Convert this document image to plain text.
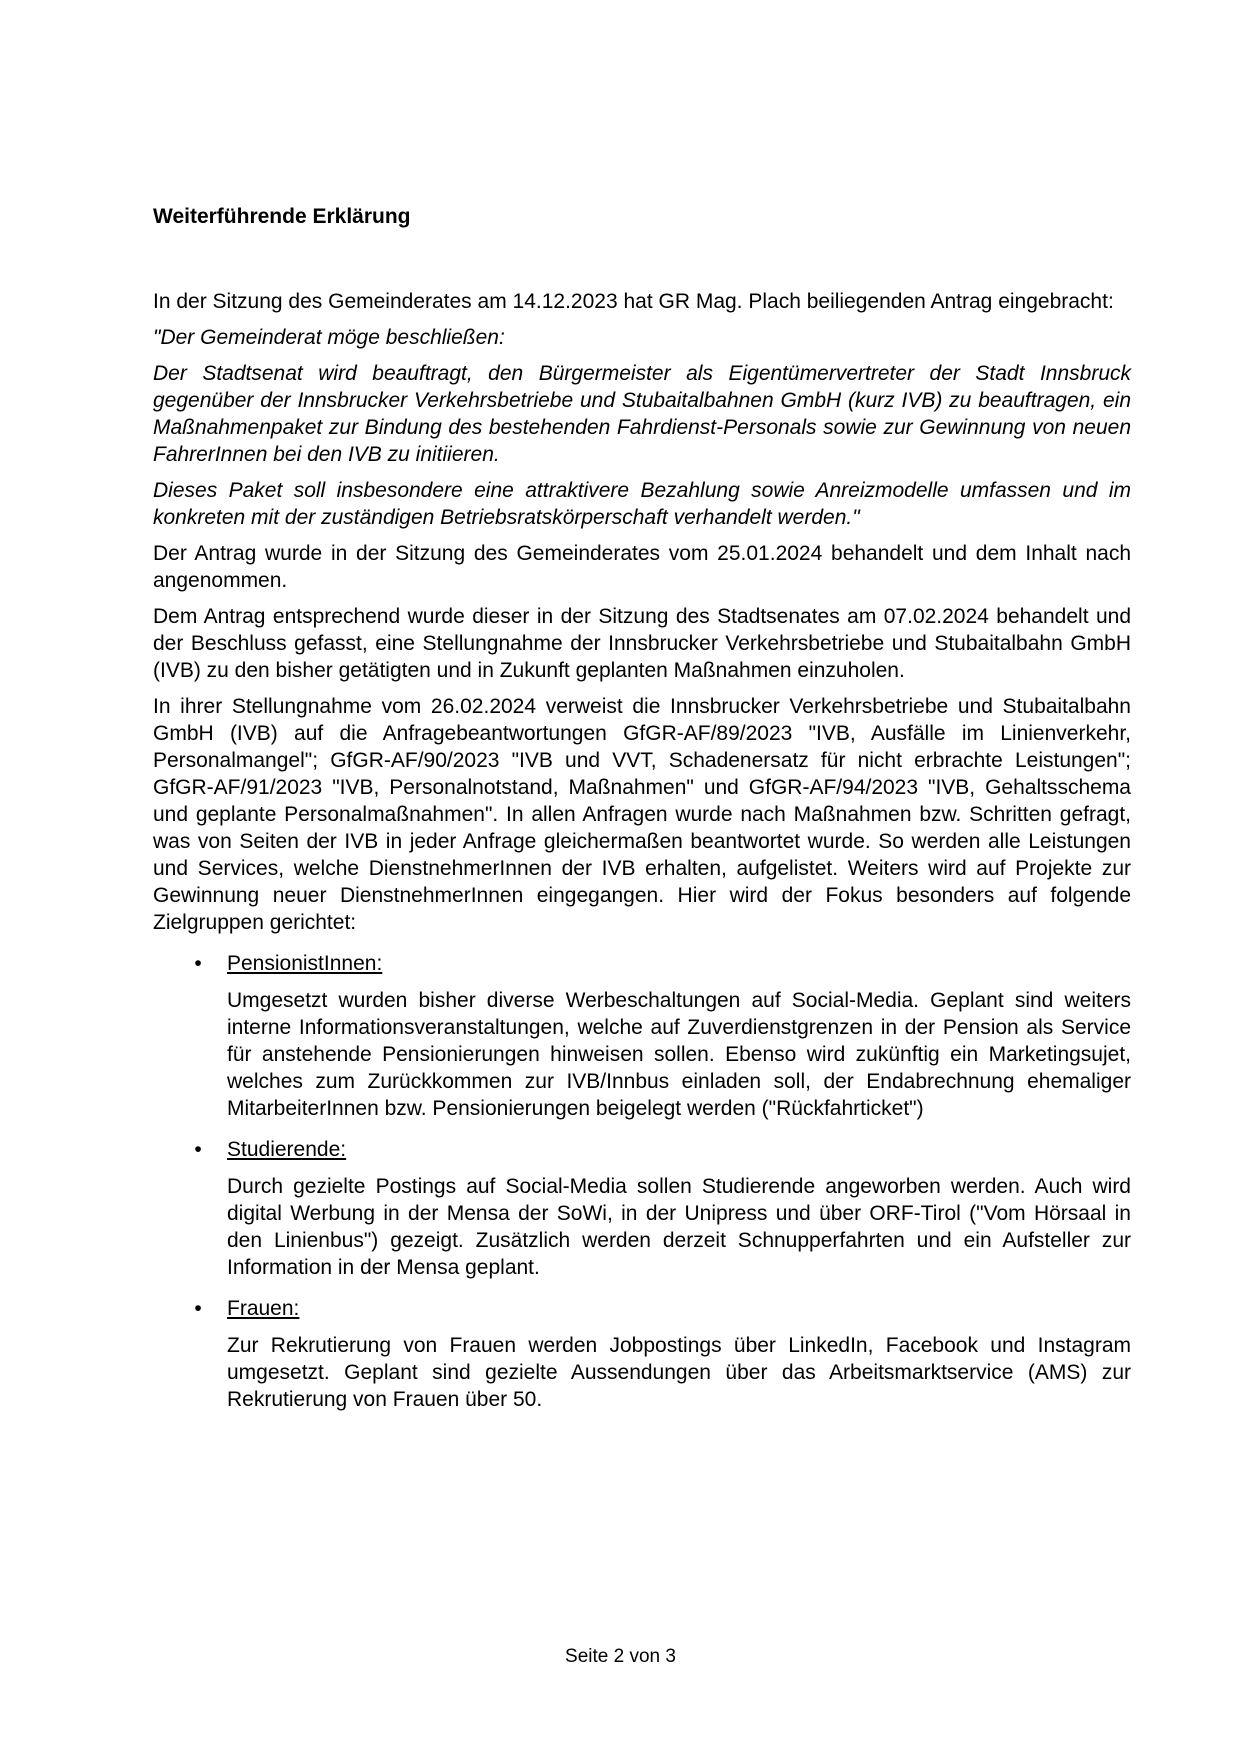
Weiterführende Erklärung

In der Sitzung des Gemeinderates am 14.12.2023 hat GR Mag. Plach beiliegenden Antrag eingebracht:

"Der Gemeinderat möge beschließen:

Der Stadtsenat wird beauftragt, den Bürgermeister als Eigentümervertreter der Stadt Innsbruck gegenüber der Innsbrucker Verkehrsbetriebe und Stubaitalbahnen GmbH (kurz IVB) zu beauftragen, ein Maßnahmenpaket zur Bindung des bestehenden Fahrdienst-Personals sowie zur Gewinnung von neuen FahrerInnen bei den IVB zu initiieren.

Dieses Paket soll insbesondere eine attraktivere Bezahlung sowie Anreizmodelle umfassen und im konkreten mit der zuständigen Betriebsratskörperschaft verhandelt werden."

Der Antrag wurde in der Sitzung des Gemeinderates vom 25.01.2024 behandelt und dem Inhalt nach angenommen.

Dem Antrag entsprechend wurde dieser in der Sitzung des Stadtsenates am 07.02.2024 behandelt und der Beschluss gefasst, eine Stellungnahme der Innsbrucker Verkehrsbetriebe und Stubaitalbahn GmbH (IVB) zu den bisher getätigten und in Zukunft geplanten Maßnahmen einzuholen.

In ihrer Stellungnahme vom 26.02.2024 verweist die Innsbrucker Verkehrsbetriebe und Stubaitalbahn GmbH (IVB) auf die Anfragebeantwortungen GfGR-AF/89/2023 "IVB, Ausfälle im Linienverkehr, Personalmangel"; GfGR-AF/90/2023 "IVB und VVT, Schadenersatz für nicht erbrachte Leistungen"; GfGR-AF/91/2023 "IVB, Personalnotstand, Maßnahmen" und GfGR-AF/94/2023 "IVB, Gehaltsschema und geplante Personalmaßnahmen". In allen Anfragen wurde nach Maßnahmen bzw. Schritten gefragt, was von Seiten der IVB in jeder Anfrage gleichermaßen beantwortet wurde. So werden alle Leistungen und Services, welche DienstnehmerInnen der IVB erhalten, aufgelistet. Weiters wird auf Projekte zur Gewinnung neuer DienstnehmerInnen eingegangen. Hier wird der Fokus besonders auf folgende Zielgruppen gerichtet:

• PensionistInnen:
Umgesetzt wurden bisher diverse Werbeschaltungen auf Social-Media. Geplant sind weiters interne Informationsveranstaltungen, welche auf Zuverdienstgrenzen in der Pension als Service für anstehende Pensionierungen hinweisen sollen. Ebenso wird zukünftig ein Marketingsujet, welches zum Zurückkommen zur IVB/Innbus einladen soll, der Endabrechnung ehemaliger MitarbeiterInnen bzw. Pensionierungen beigelegt werden ("Rückfahrticket")
• Studierende:
Durch gezielte Postings auf Social-Media sollen Studierende angeworben werden. Auch wird digital Werbung in der Mensa der SoWi, in der Unipress und über ORF-Tirol ("Vom Hörsaal in den Linienbus") gezeigt. Zusätzlich werden derzeit Schnupperfahrten und ein Aufsteller zur Information in der Mensa geplant.
• Frauen:
Zur Rekrutierung von Frauen werden Jobpostings über LinkedIn, Facebook und Instagram umgesetzt. Geplant sind gezielte Aussendungen über das Arbeitsmarktservice (AMS) zur Rekrutierung von Frauen über 50.
Seite 2 von 3
